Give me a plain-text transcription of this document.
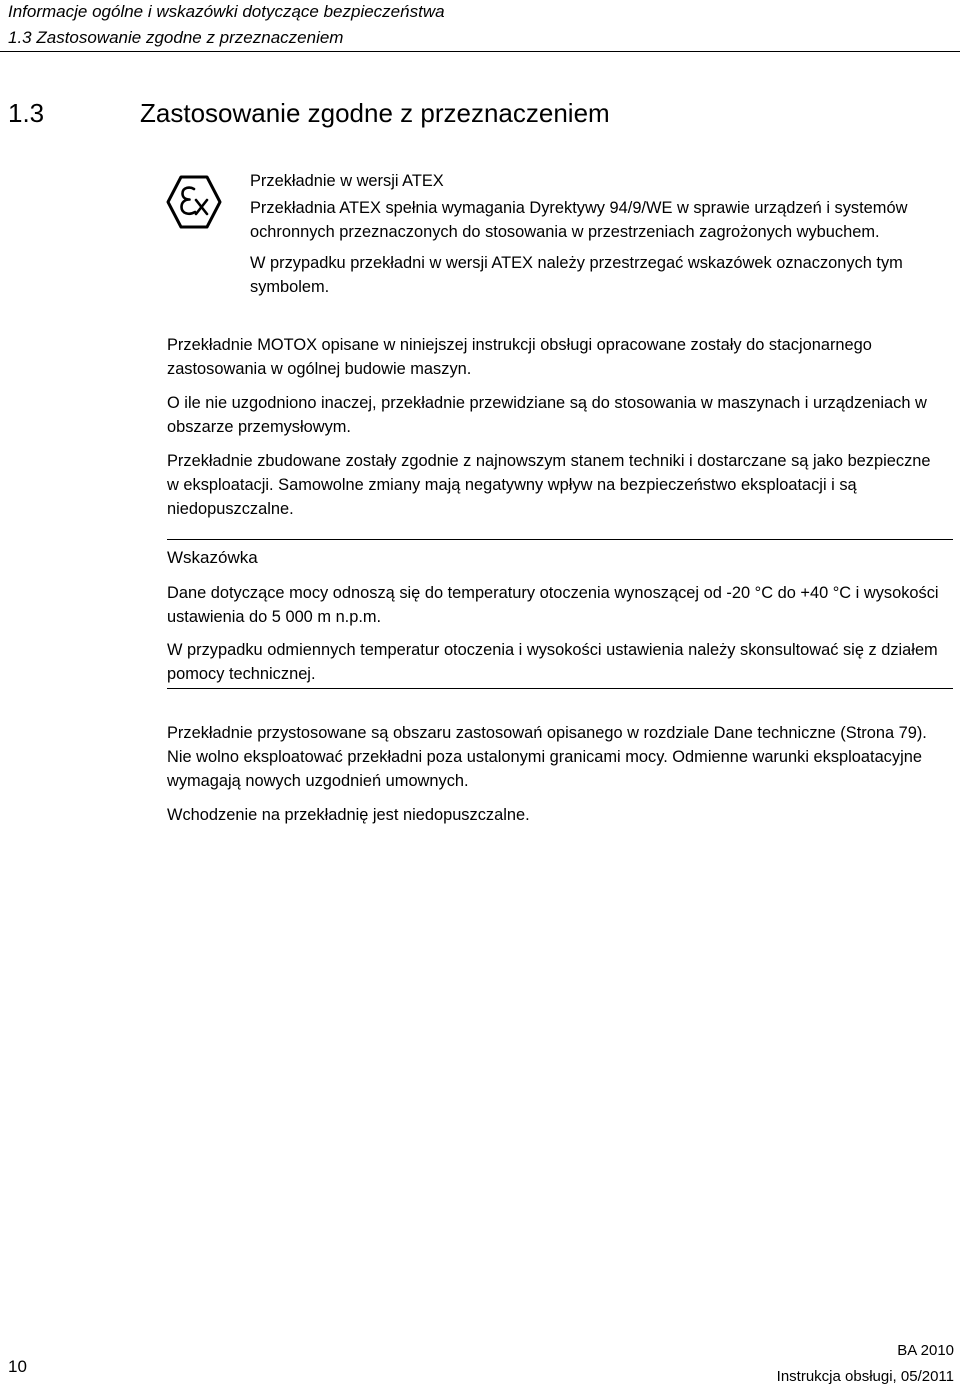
Informacje ogólne i wskazówki dotyczące bezpieczeństwa
1.3 Zastosowanie zgodne z przeznaczeniem
1.3	Zastosowanie zgodne z przeznaczeniem

Przekładnie w wersji ATEX

Przekładnia ATEX spełnia wymagania Dyrektywy 94/9/WE w sprawie urządzeń i systemów ochronnych przeznaczonych do stosowania w przestrzeniach zagrożonych wybuchem.

W przypadku przekładni w wersji ATEX należy przestrzegać wskazówek oznaczonych tym symbolem.

Przekładnie MOTOX opisane w niniejszej instrukcji obsługi opracowane zostały do stacjonarnego zastosowania w ogólnej budowie maszyn.

O ile nie uzgodniono inaczej, przekładnie przewidziane są do stosowania w maszynach i urządzeniach w obszarze przemysłowym.

Przekładnie zbudowane zostały zgodnie z najnowszym stanem techniki i dostarczane są jako bezpieczne w eksploatacji. Samowolne zmiany mają negatywny wpływ na bezpieczeństwo eksploatacji i są niedopuszczalne.

Wskazówka

Dane dotyczące mocy odnoszą się do temperatury otoczenia wynoszącej od -20 °C do +40 °C i wysokości ustawienia do 5 000 m n.p.m.

W przypadku odmiennych temperatur otoczenia i wysokości ustawienia należy skonsultować się z działem pomocy technicznej.

Przekładnie przystosowane są obszaru zastosowań opisanego w rozdziale Dane techniczne (Strona 79). Nie wolno eksploatować przekładni poza ustalonymi granicami mocy. Odmienne warunki eksploatacyjne wymagają nowych uzgodnień umownych.

Wchodzenie na przekładnię jest niedopuszczalne.

10
BA 2010
Instrukcja obsługi, 05/2011
